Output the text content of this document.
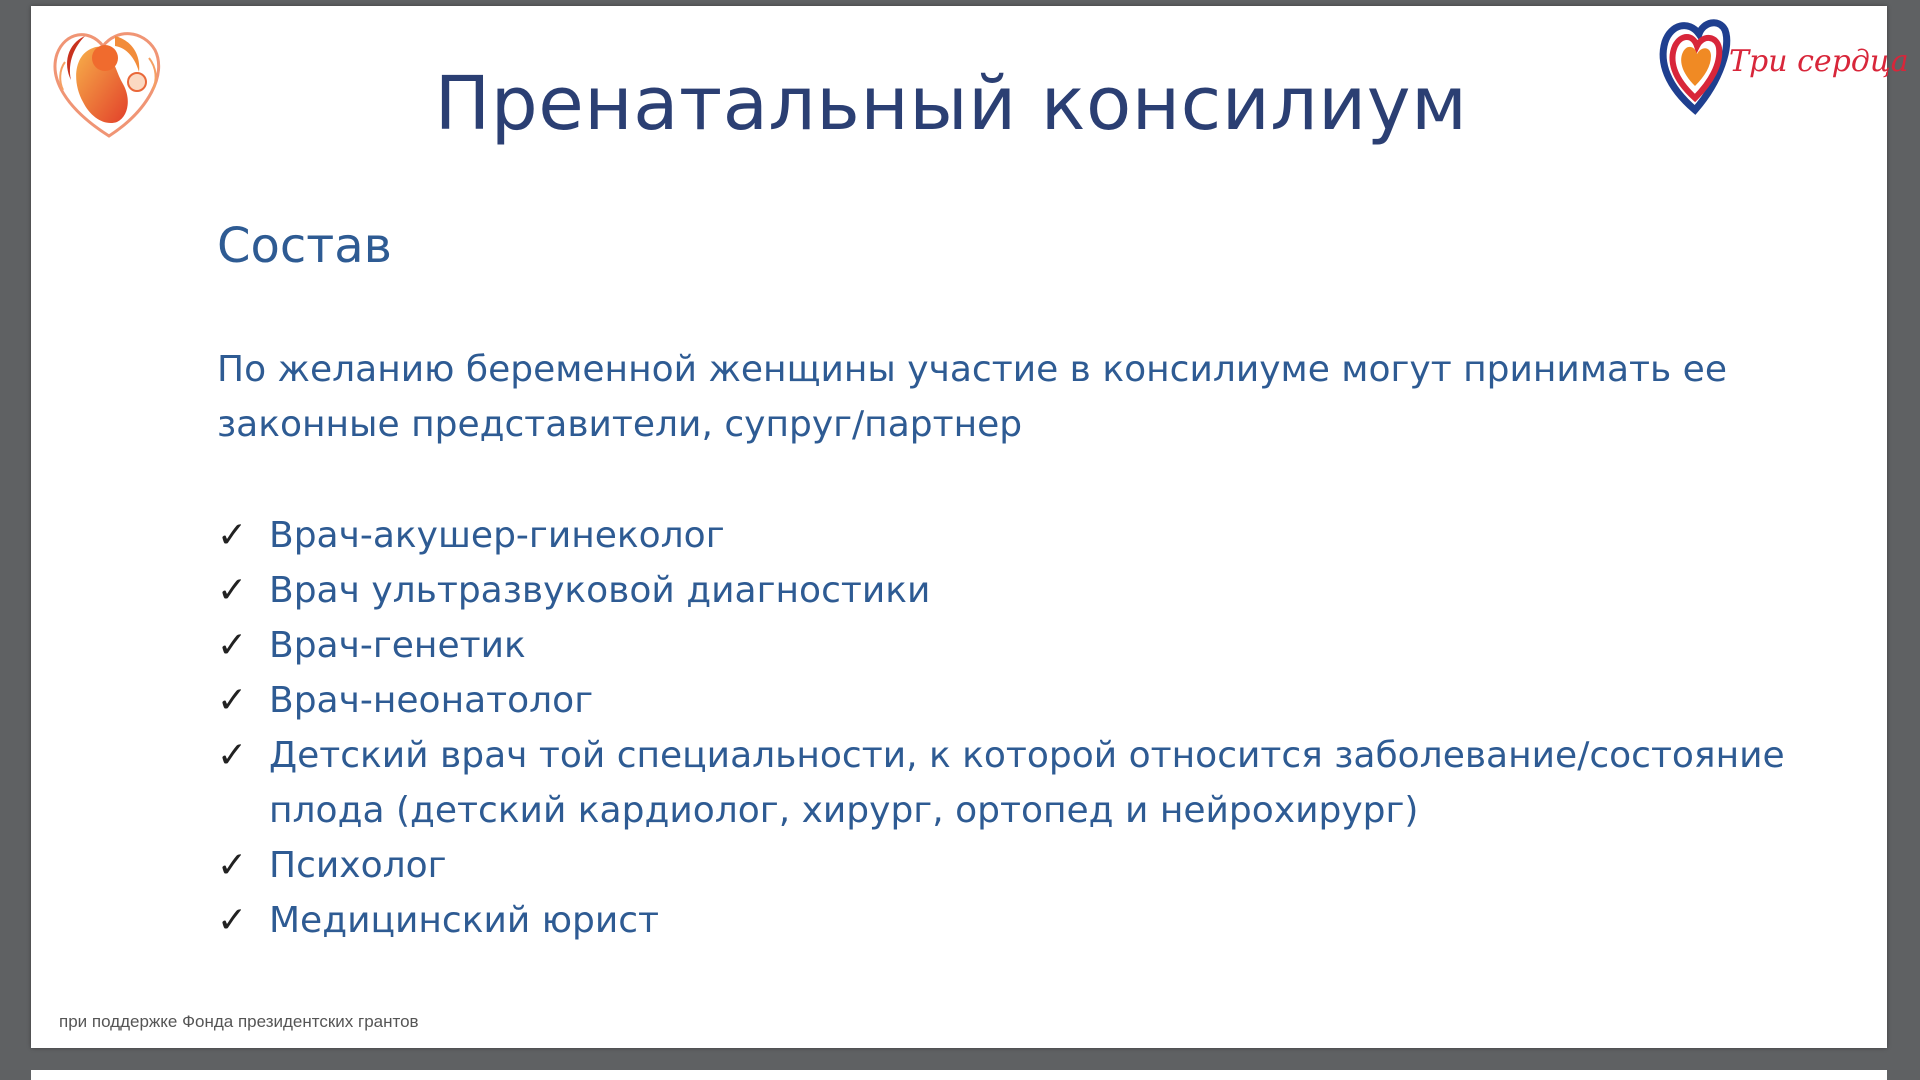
Три сердца
Пренатальный консилиум
Состав
По желанию беременной женщины участие в консилиуме могут принимать ее законные представители, супруг/партнер
✓ Врач-акушер-гинеколог
✓ Врач ультразвуковой диагностики
✓ Врач-генетик
✓ Врач-неонатолог
✓ Детский врач той специальности, к которой относится заболевание/состояние плода (детский кардиолог, хирург, ортопед и нейрохирург)
✓ Психолог
✓ Медицинский юрист
при поддержке Фонда президентских грантов
